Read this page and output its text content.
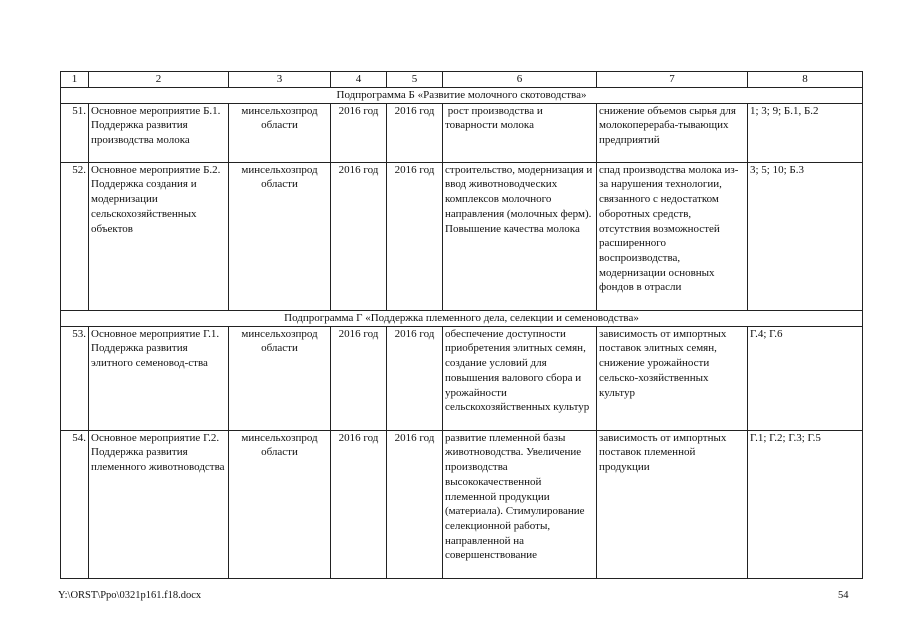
1	2	3	4	5	6	7	8
Подпрограмма Б «Развитие молочного скотоводства»							
51.	Основное мероприятие Б.1. Поддержка развития производства молока	минсельхозпрод области	2016 год	2016 год	рост производства и товарности молока	снижение объемов сырья для молокоперераба-тывающих предприятий	1; 3; 9; Б.1, Б.2
52.	Основное мероприятие Б.2. Поддержка создания и модернизации сельскохозяйственных объектов	минсельхозпрод области	2016 год	2016 год	строительство, модернизация и ввод животноводческих комплексов молочного направления (молочных ферм). Повышение качества молока	спад производства молока из-за нарушения технологии, связанного с недостатком оборотных средств, отсутствия возможностей расширенного воспроизводства, модернизации основных фондов в отрасли	3; 5; 10; Б.3
Подпрограмма Г «Поддержка племенного дела, селекции и семеноводства»							
53.	Основное мероприятие Г.1. Поддержка развития элитного семеновод-ства	минсельхозпрод области	2016 год	2016 год	обеспечение доступности приобретения элитных семян, создание условий для повышения валового сбора и урожайности сельскохозяйственных культур	зависимость от импортных поставок элитных семян, снижение урожайности сельско-хозяйственных культур	Г.4; Г.6
54.	Основное мероприятие Г.2. Поддержка развития племенного животноводства	минсельхозпрод области	2016 год	2016 год	развитие племенной базы животноводства. Увеличение производства высококачественной племенной продукции (материала). Стимулирование селекционной работы, направленной на совершенствование	зависимость от импортных поставок племенной продукции	Г.1; Г.2; Г.3; Г.5
Y:\ORST\Ppo\0321p161.f18.docx	54
